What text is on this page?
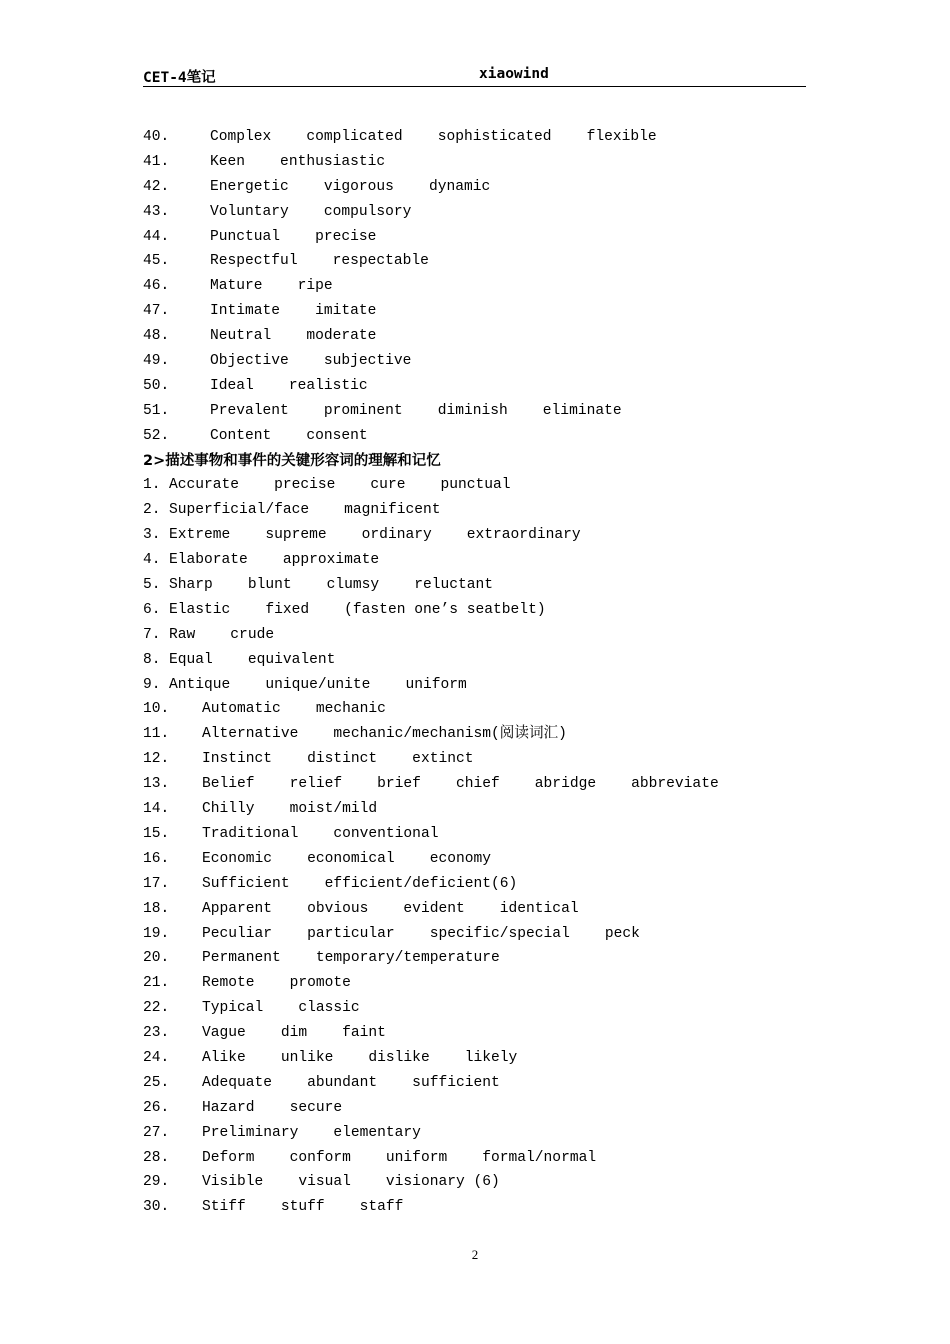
CET-4笔记	xiaowind
40.	Complex    complicated    sophisticated    flexible
41.	Keen    enthusiastic
42.	Energetic    vigorous    dynamic
43.	Voluntary    compulsory
44.	Punctual    precise
45.	Respectful    respectable
46.	Mature    ripe
47.	Intimate    imitate
48.	Neutral    moderate
49.	Objective    subjective
50.	Ideal    realistic
51.	Prevalent    prominent    diminish    eliminate
52.	Content    consent
2>描述事物和事件的关键形容词的理解和记忆
1. Accurate    precise    cure    punctual
2. Superficial/face    magnificent
3. Extreme    supreme    ordinary    extraordinary
4. Elaborate    approximate
5. Sharp    blunt    clumsy    reluctant
6. Elastic    fixed    (fasten one’s seatbelt)
7. Raw    crude
8. Equal    equivalent
9. Antique    unique/unite    uniform
10. Automatic    mechanic
11. Alternative    mechanic/mechanism(阅读词汇)
12. Instinct    distinct    extinct
13. Belief    relief    brief    chief    abridge    abbreviate
14. Chilly    moist/mild
15. Traditional    conventional
16. Economic    economical    economy
17. Sufficient    efficient/deficient(6)
18. Apparent    obvious    evident    identical
19. Peculiar    particular    specific/special    peck
20. Permanent    temporary/temperature
21. Remote    promote
22. Typical    classic
23. Vague    dim    faint
24. Alike    unlike    dislike    likely
25. Adequate    abundant    sufficient
26. Hazard    secure
27. Preliminary    elementary
28. Deform    conform    uniform    formal/normal
29. Visible    visual    visionary (6)
30. Stiff    stuff    staff
2
